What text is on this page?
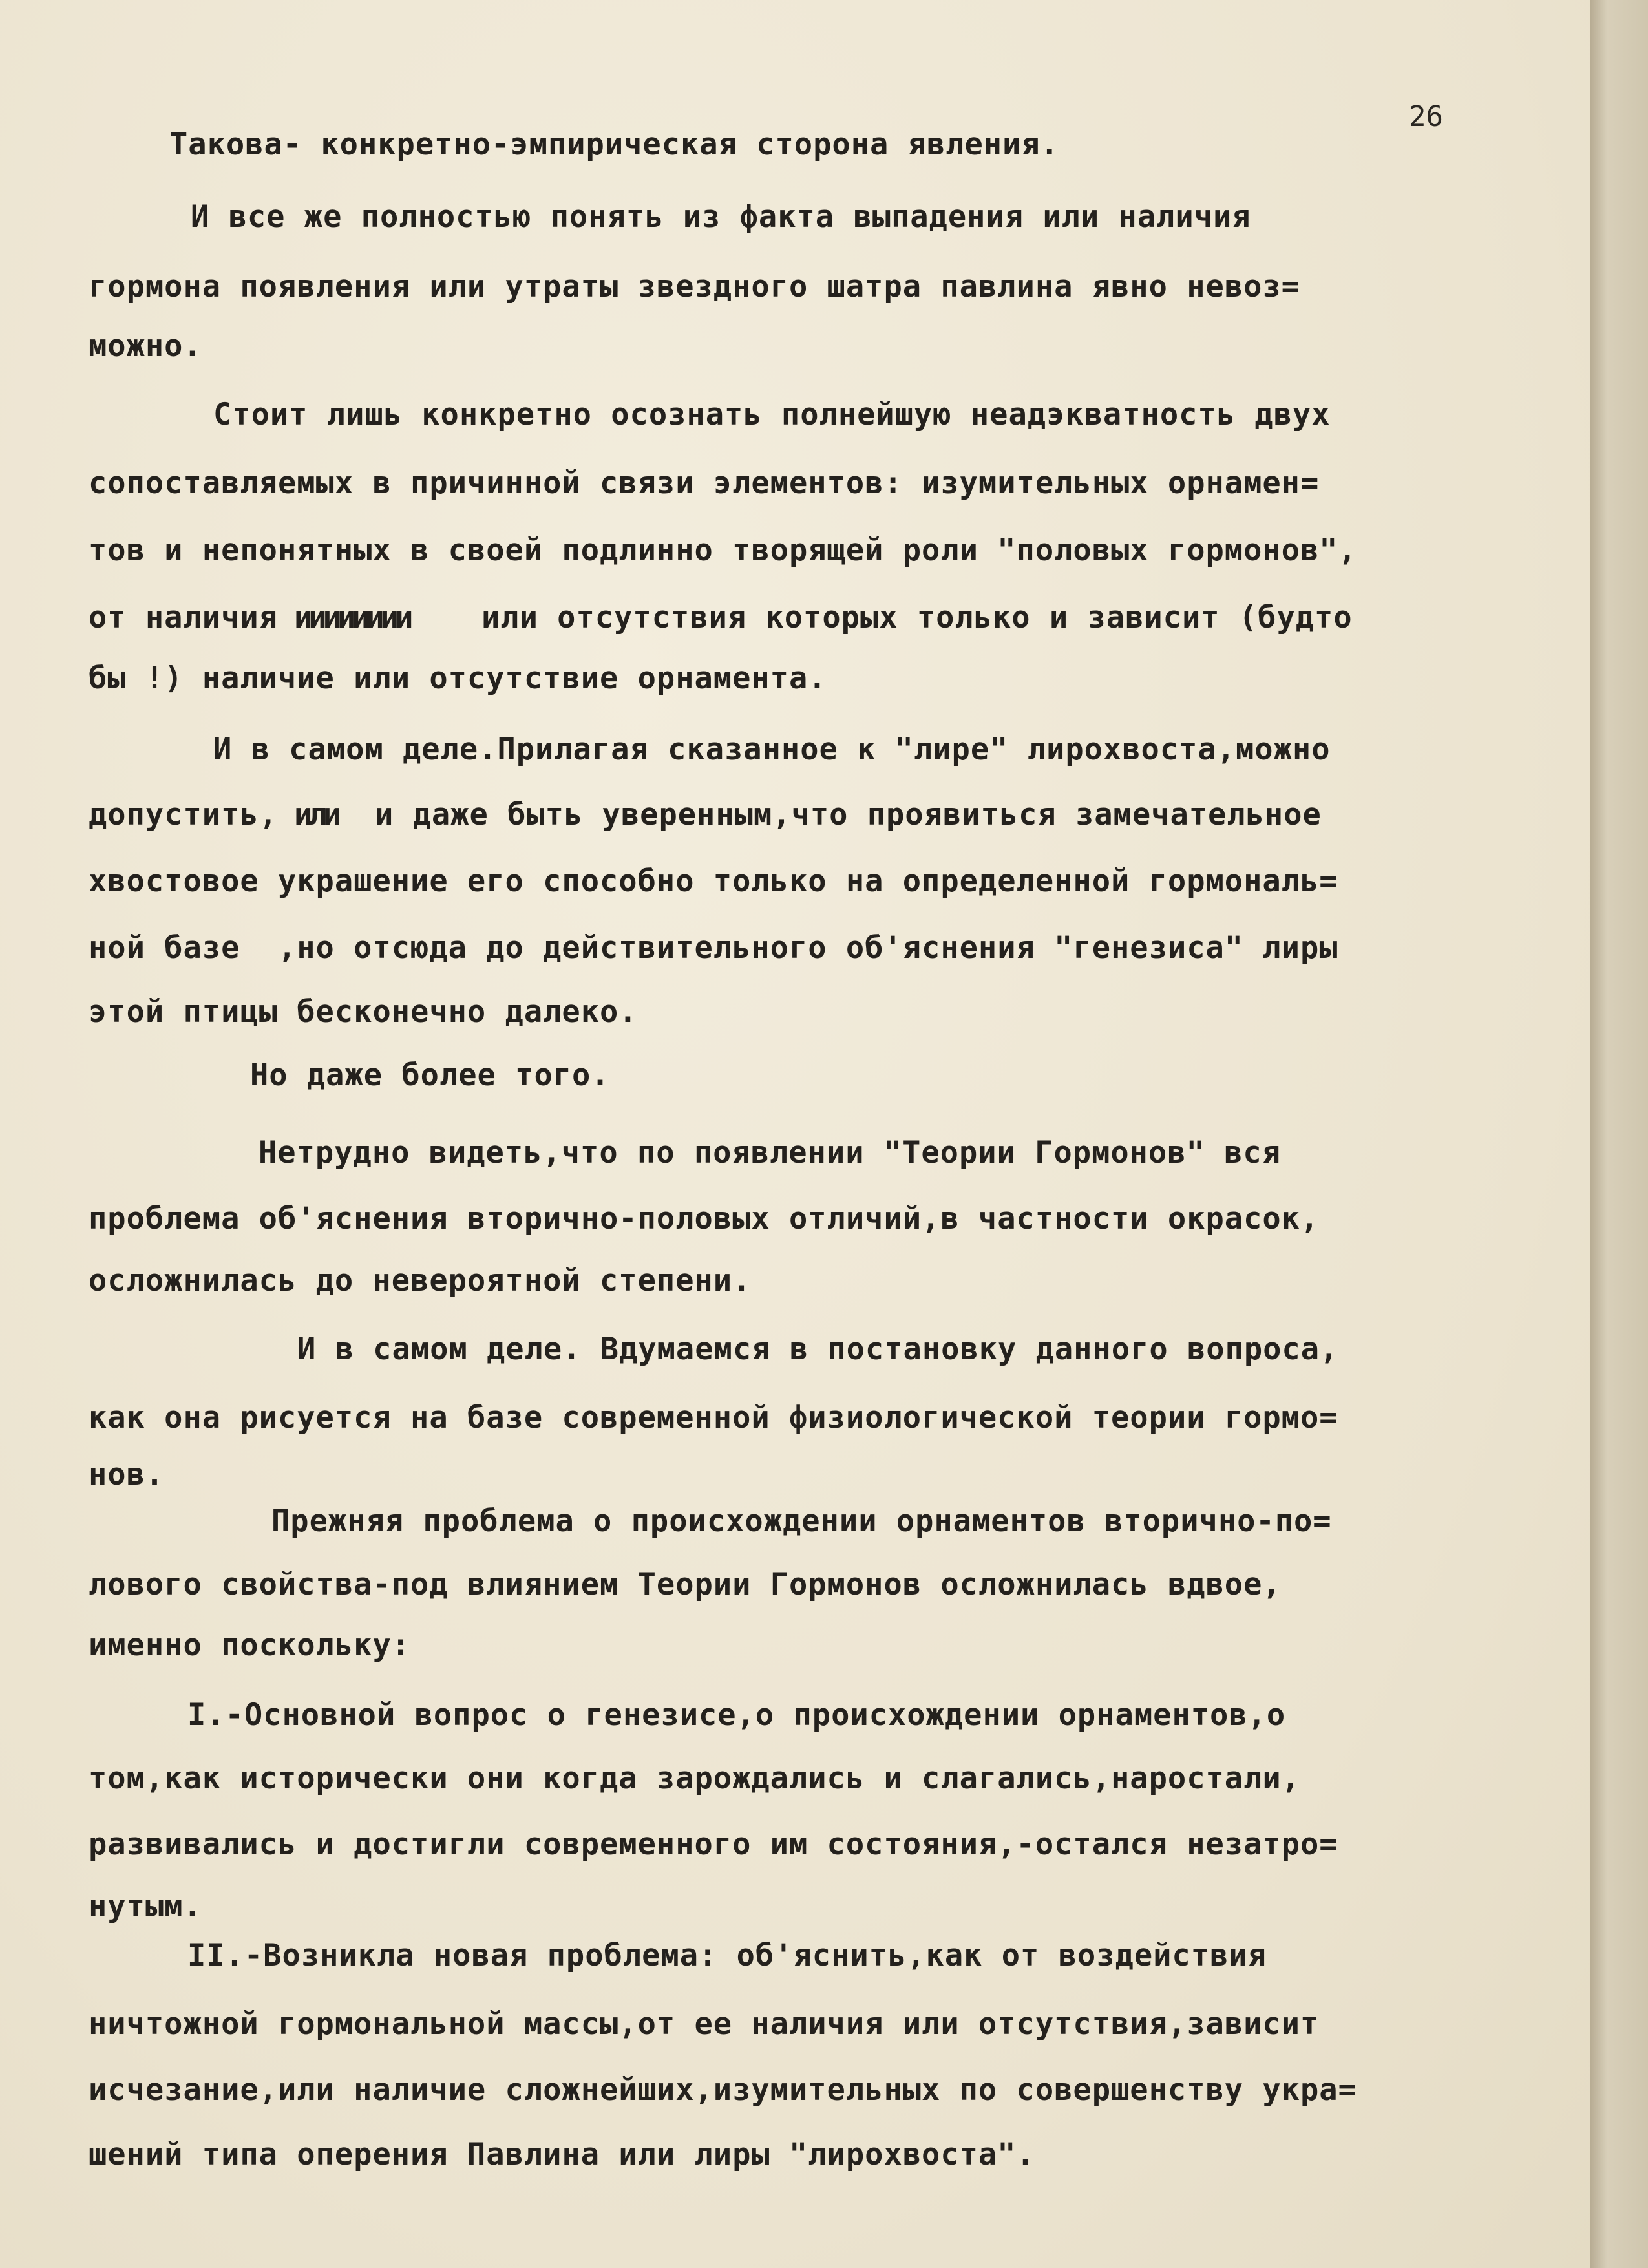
26
Такова- конкретно-эмпирическая сторона явления.
И все же полностью понять из факта выпадения или наличия
гормона появления или утраты звездного шатра павлина явно невоз=
можно.
Стоит лишь конкретно осознать полнейшую неадэкватность двух
сопоставляемых в причинной связи элементов: изумительных орнамен=
тов и непонятных в своей подлинно творящей роли "половых гормонов",
от наличия ииииииии или отсутствия которых только и зависит (будто
бы !) наличие или отсутствие орнамента.
И в самом деле.Прилагая сказанное к "лире" лирохвоста,можно
допустить, или и даже быть уверенным,что проявиться замечательное
хвостовое украшение его способно только на определенной гормональ=
ной базе  ,но отсюда до действительного об'яснения "генезиса" лиры
этой птицы бесконечно далеко.
Но даже более того.
Нетрудно видеть,что по появлении "Теории Гормонов" вся
проблема об'яснения вторично-половых отличий,в частности окрасок,
осложнилась до невероятной степени.
И в самом деле. Вдумаемся в постановку данного вопроса,
как она рисуется на базе современной физиологической теории гормо=
нов.
Прежняя проблема о происхождении орнаментов вторично-по=
лового свойства-под влиянием Теории Гормонов осложнилась вдвое,
именно поскольку:
I.-Основной вопрос о генезисе,о происхождении орнаментов,о
том,как исторически они когда зарождались и слагались,наростали,
развивались и достигли современного им состояния,-остался незатро=
нутым.
II.-Возникла новая проблема: об'яснить,как от воздействия
ничтожной гормональной массы,от ее наличия или отсутствия,зависит
исчезание,или наличие сложнейших,изумительных по совершенству укра=
шений типа оперения Павлина или лиры "лирохвоста".
